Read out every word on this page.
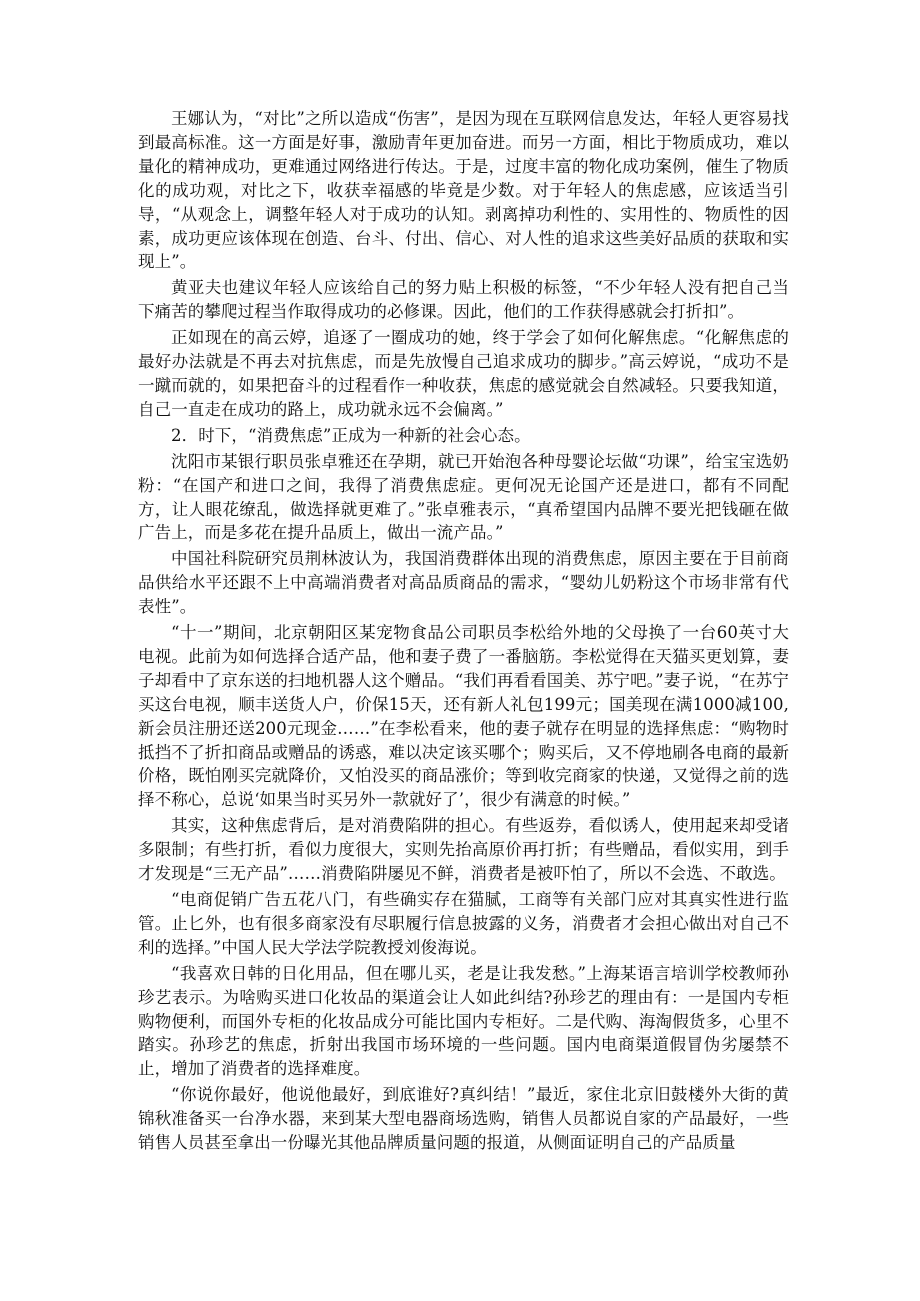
王娜认为，“对比”之所以造成“伤害”，是因为现在互联网信息发达，年轻人更容易找到最高标准。这一方面是好事，激励青年更加奋进。而另一方面，相比于物质成功，难以量化的精神成功，更难通过网络进行传达。于是，过度丰富的物化成功案例，催生了物质化的成功观，对比之下，收获幸福感的毕竟是少数。对于年轻人的焦虑感，应该适当引导，“从观念上，调整年轻人对于成功的认知。剥离掉功利性的、实用性的、物质性的因素，成功更应该体现在创造、台斗、付出、信心、对人性的追求这些美好品质的获取和实现上”。

黄亚夫也建议年轻人应该给自己的努力贴上积极的标签，“不少年轻人没有把自己当下痛苦的攀爬过程当作取得成功的必修课。因此，他们的工作获得感就会打折扣”。

正如现在的高云婷，追逐了一圈成功的她，终于学会了如何化解焦虑。“化解焦虑的最好办法就是不再去对抗焦虑，而是先放慢自己追求成功的脚步。”高云婷说，“成功不是一蹴而就的，如果把奋斗的过程看作一种收获，焦虑的感觉就会自然减轻。只要我知道，自己一直走在成功的路上，成功就永远不会偏离。”

2．时下，“消费焦虑”正成为一种新的社会心态。

沈阳市某银行职员张卓雅还在孕期，就已开始泡各种母婴论坛做“功课”，给宝宝选奶粉：“在国产和进口之间，我得了消费焦虑症。更何况无论国产还是进口，都有不同配方，让人眼花缭乱，做选择就更难了。”张卓雅表示，“真希望国内品牌不要光把钱砸在做广告上，而是多花在提升品质上，做出一流产品。”

中国社科院研究员荆林波认为，我国消费群体出现的消费焦虑，原因主要在于目前商品供给水平还跟不上中高端消费者对高品质商品的需求，“婴幼儿奶粉这个市场非常有代表性”。

“十一”期间，北京朝阳区某宠物食品公司职员李松给外地的父母换了一台60英寸大电视。此前为如何选择合适产品，他和妻子费了一番脑筋。李松觉得在天猫买更划算，妻子却看中了京东送的扫地机器人这个赠品。“我们再看看国美、苏宁吧。”妻子说，“在苏宁买这台电视，顺丰送货人户，价保15天，还有新人礼包199元；国美现在满1000减100,新会员注册还送200元现金……”在李松看来，他的妻子就存在明显的选择焦虑：“购物时抵挡不了折扣商品或赠品的诱惑，难以决定该买哪个；购买后，又不停地刷各电商的最新价格，既怕刚买完就降价，又怕没买的商品涨价；等到收完商家的快递，又觉得之前的选择不称心，总说‘如果当时买另外一款就好了’，很少有满意的时候。”

其实，这种焦虑背后，是对消费陷阱的担心。有些返券，看似诱人，使用起来却受诸多限制；有些打折，看似力度很大，实则先抬高原价再打折；有些赠品，看似实用，到手才发现是“三无产品”……消费陷阱屡见不鲜，消费者是被吓怕了，所以不会选、不敢选。

“电商促销广告五花八门，有些确实存在猫腻，工商等有关部门应对其真实性进行监管。止匕外，也有很多商家没有尽职履行信息披露的义务，消费者才会担心做出对自己不利的选择。”中国人民大学法学院教授刘俊海说。

“我喜欢日韩的日化用品，但在哪儿买，老是让我发愁。”上海某语言培训学校教师孙珍艺表示。为啥购买进口化妆品的渠道会让人如此纠结?孙珍艺的理由有：一是国内专柜购物便利，而国外专柜的化妆品成分可能比国内专柜好。二是代购、海淘假货多，心里不踏实。孙珍艺的焦虑，折射出我国市场环境的一些问题。国内电商渠道假冒伪劣屡禁不止，增加了消费者的选择难度。

“你说你最好，他说他最好，到底谁好?真纠结！”最近，家住北京旧鼓楼外大街的黄锦秋准备买一台净水器，来到某大型电器商场选购，销售人员都说自家的产品最好，一些销售人员甚至拿出一份曝光其他品牌质量问题的报道，从侧面证明自己的产品质量
